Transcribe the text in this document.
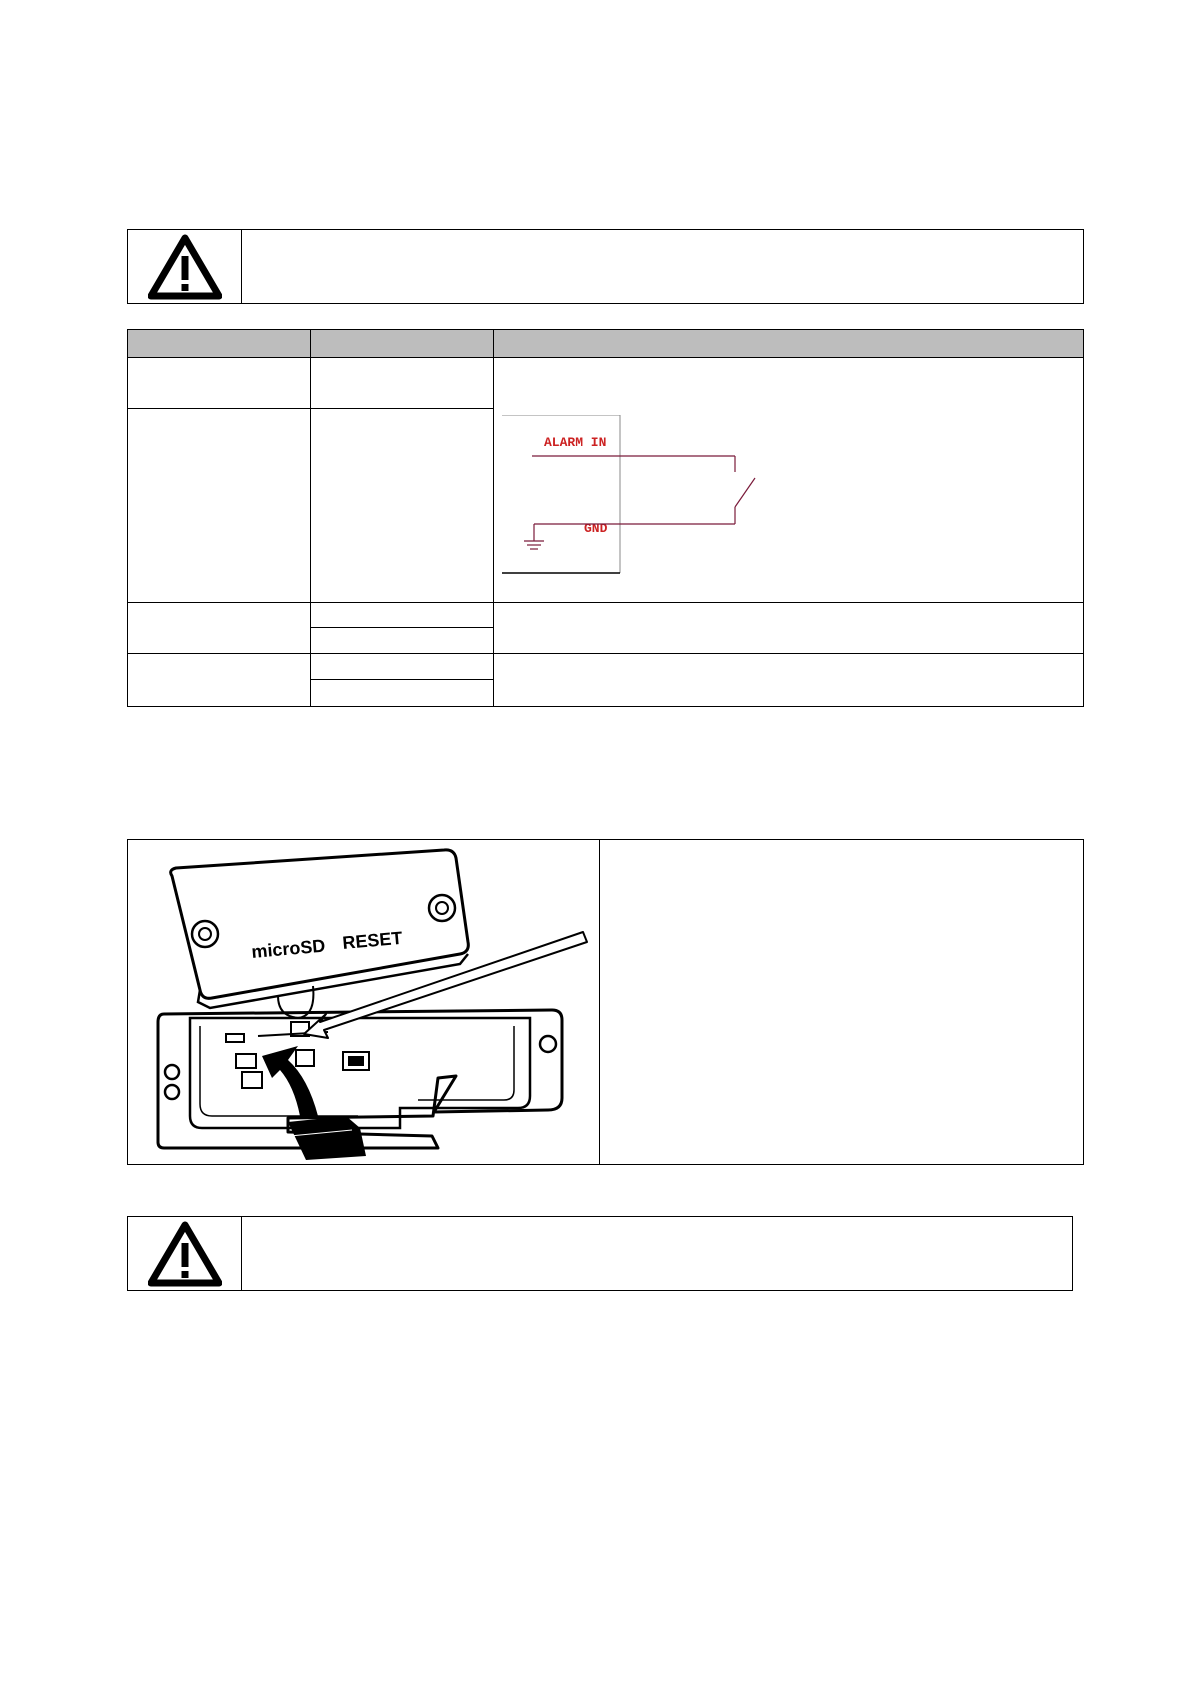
ALARM IN
GND
microSD RESET
